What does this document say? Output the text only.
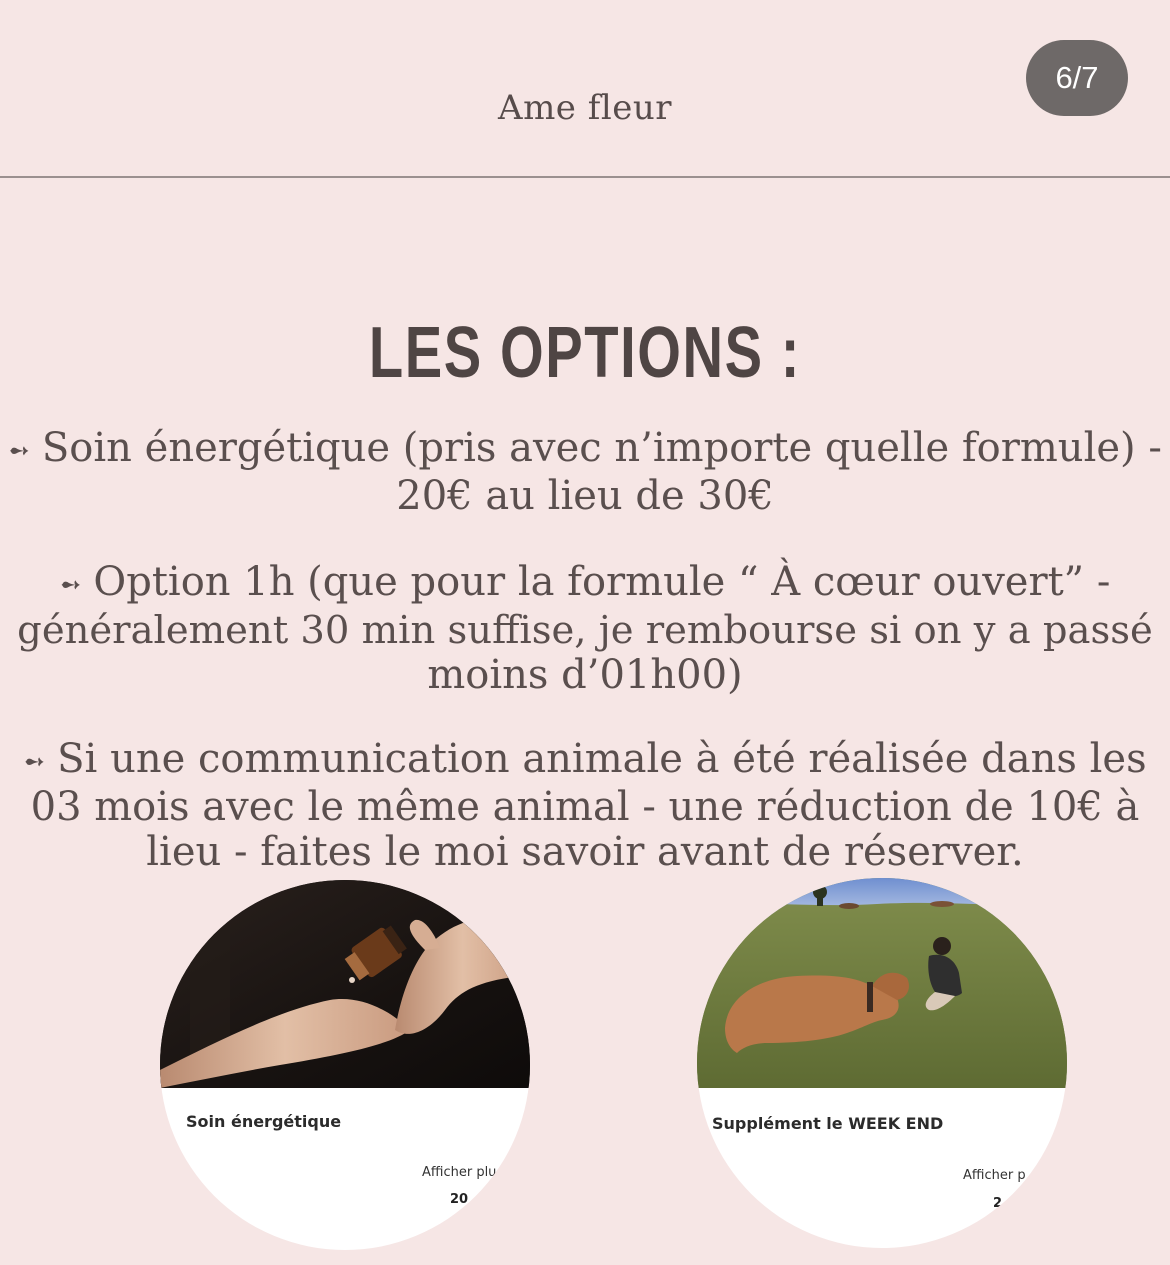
Ame fleur
6/7
LES OPTIONS :
➻ Soin énergétique (pris avec n’importe quelle formule) -
20€ au lieu de 30€
➻ Option 1h (que pour la formule “ À cœur ouvert” -
généralement 30 min suffise, je rembourse si on y a passé
moins d’01h00)
➻ Si une communication animale à été réalisée dans les
03 mois avec le même animal - une réduction de 10€ à
lieu - faites le moi savoir avant de réserver.
Soin énergétique
Afficher plu
20
Supplément le WEEK END
Afficher p
2
